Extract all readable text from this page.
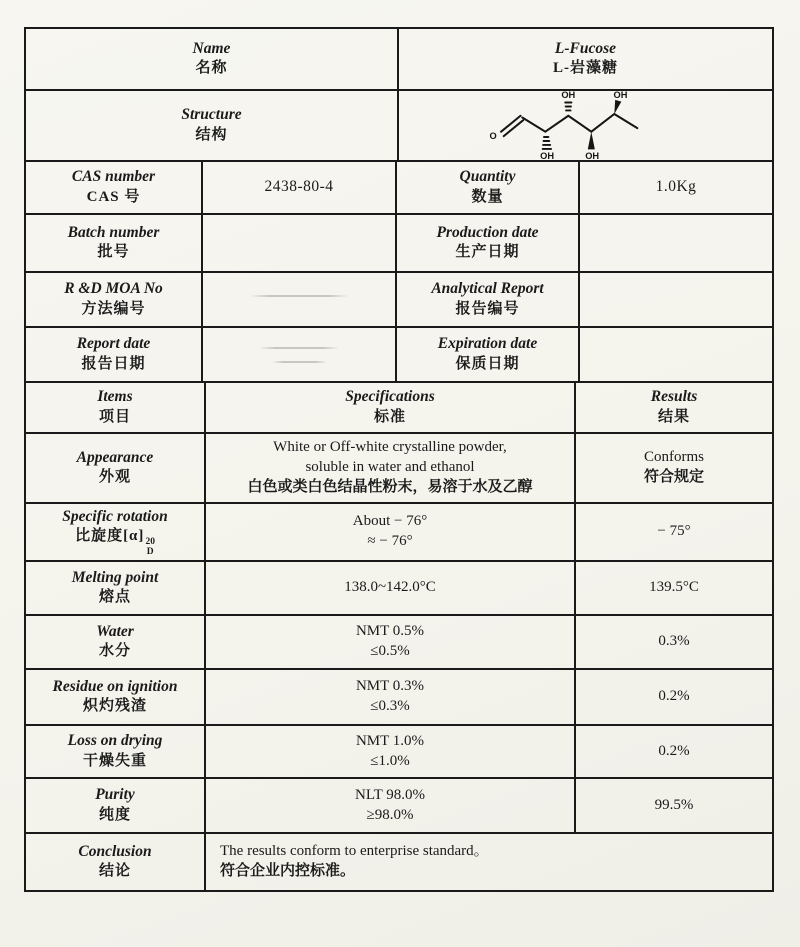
Name
名称
L-Fucose
L-岩藻糖
Structure
结构	O
OH
OH
OH
OH
CAS number
CAS 号
2438-80-4
Quantity
数量
1.0Kg
Batch number
批号
Production date
生产日期
R &D MOA No
方法编号
Analytical Report
报告编号
Report date
报告日期
Expiration date
保质日期
Items
项目
Specifications
标准
Results
结果
Appearance
外观
White or Off-white crystalline powder,
soluble in water and ethanol
白色或类白色结晶性粉末，易溶于水及乙醇
Conforms
符合规定
Specific rotation
比旋度[α] 20
D
About − 76°
≈ − 76°
− 75°
Melting point
熔点
138.0~142.0°C	139.5°C
Water
水分
NMT 0.5%
≤0.5%
0.3%
Residue on ignition
炽灼残渣
NMT 0.3%
≤0.3%
0.2%
Loss on drying
干燥失重
NMT 1.0%
≤1.0%
0.2%
Purity
纯度
NLT 98.0%
≥98.0%
99.5%
Conclusion
结论
The results conform to enterprise standard。
符合企业内控标准。
